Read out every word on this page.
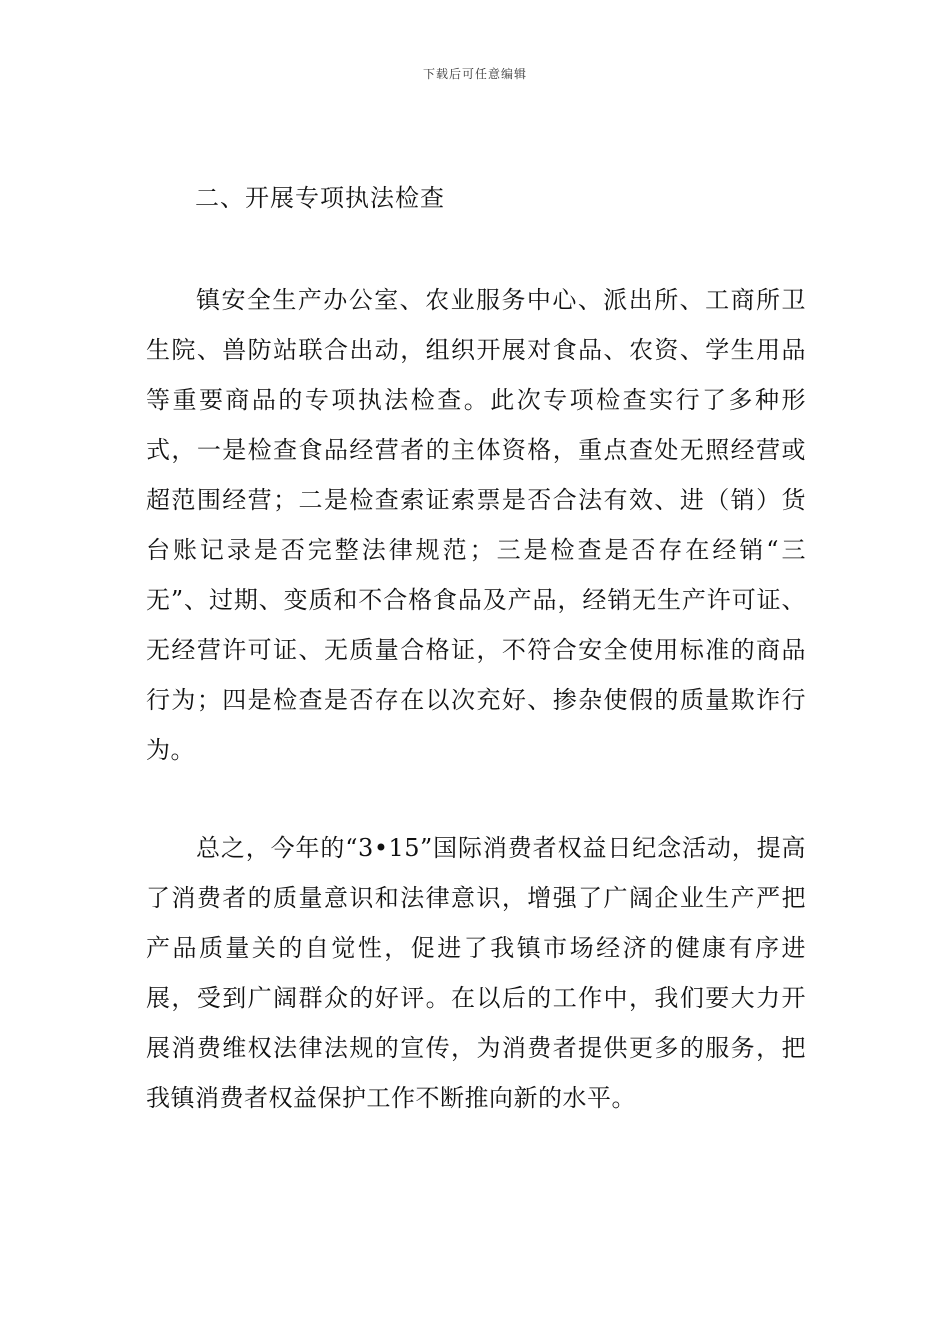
下载后可任意编辑
二、开展专项执法检查

镇安全生产办公室、农业服务中心、派出所、工商所卫生院、兽防站联合出动，组织开展对食品、农资、学生用品等重要商品的专项执法检查。此次专项检查实行了多种形式，一是检查食品经营者的主体资格，重点查处无照经营或超范围经营；二是检查索证索票是否合法有效、进（销）货台账记录是否完整法律规范；三是检查是否存在经销“三无”、过期、变质和不合格食品及产品，经销无生产许可证、无经营许可证、无质量合格证，不符合安全使用标准的商品行为；四是检查是否存在以次充好、掺杂使假的质量欺诈行为。

总之，今年的“3•15”国际消费者权益日纪念活动，提高了消费者的质量意识和法律意识，增强了广阔企业生产严把产品质量关的自觉性，促进了我镇市场经济的健康有序进展，受到广阔群众的好评。在以后的工作中，我们要大力开展消费维权法律法规的宣传，为消费者提供更多的服务，把我镇消费者权益保护工作不断推向新的水平。
